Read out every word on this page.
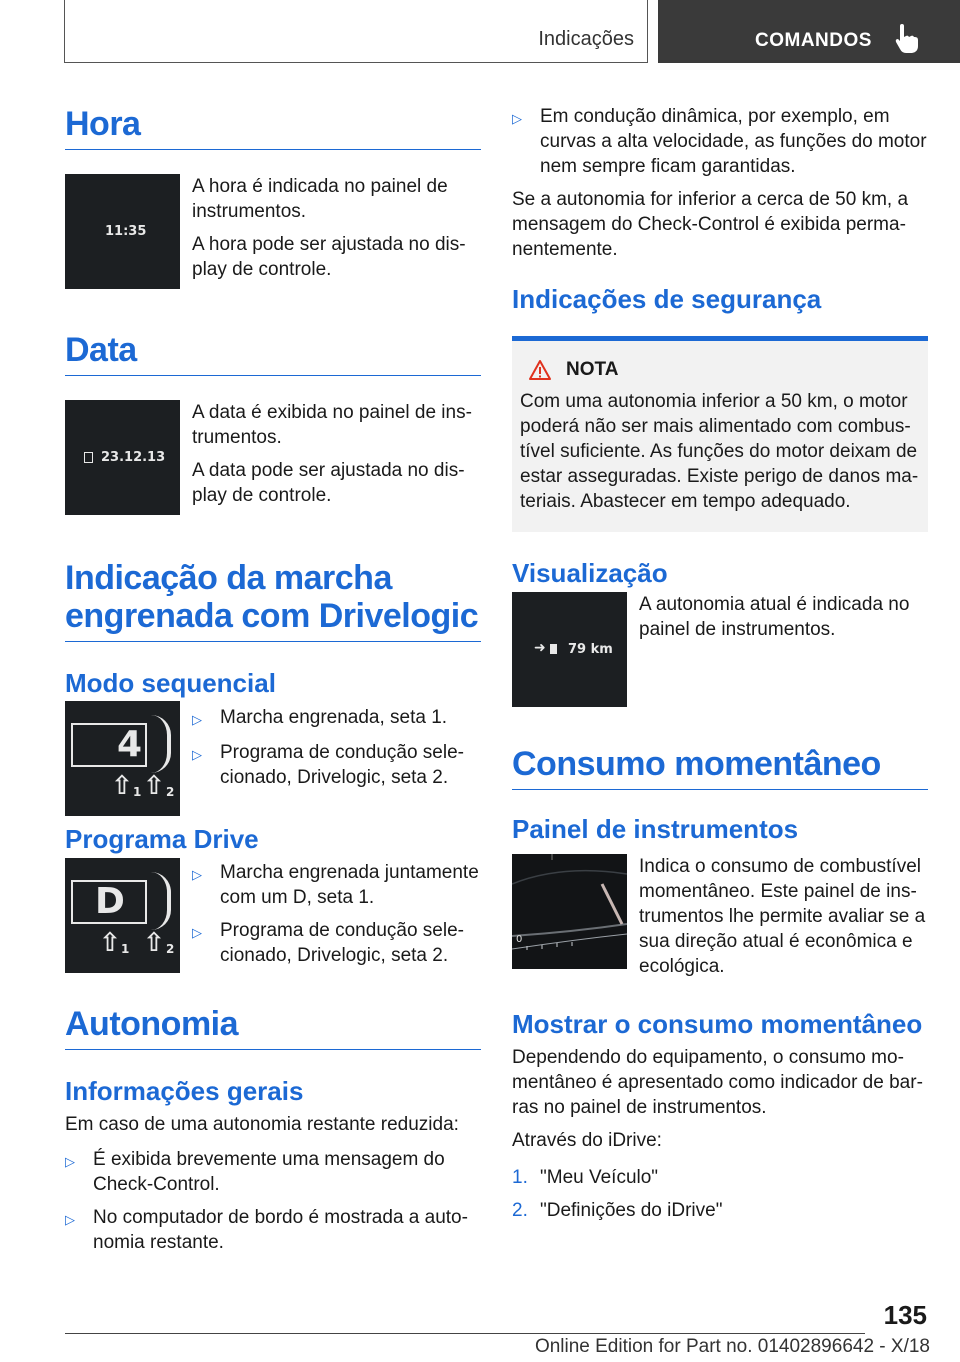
Indicações	COMANDOS
Hora
11:35

A hora é indicada no painel de instrumentos.

A hora pode ser ajustada no display de controle.

Data
23.12.13

A data é exibida no painel de instrumentos.

A data pode ser ajustada no display de controle.

Indicação da marcha engrenada com Drivelogic
Modo sequencial
4
⇧ 1 ⇧ 2
▷ Marcha engrenada, seta 1.
▷ Programa de condução selecionado, Drivelogic, seta 2.
Programa Drive
D
⇧ 1 ⇧ 2
▷ Marcha engrenada juntamente com um D, seta 1.
▷ Programa de condução selecionado, Drivelogic, seta 2.
Autonomia
Informações gerais

Em caso de uma autonomia restante reduzida:

▷ É exibida brevemente uma mensagem do Check-Control.
▷ No computador de bordo é mostrada a autonomia restante.
▷ Em condução dinâmica, por exemplo, em curvas a alta velocidade, as funções do motor nem sempre ficam garantidas.

Se a autonomia for inferior a cerca de 50 km, a mensagem do Check-Control é exibida permanentemente.

Indicações de segurança
NOTA

Com uma autonomia inferior a 50 km, o motor poderá não ser mais alimentado com combustível suficiente. As funções do motor deixam de estar asseguradas. Existe perigo de danos materiais. Abastecer em tempo adequado.

Visualização
➜ 79 km

A autonomia atual é indicada no painel de instrumentos.

Consumo momentâneo
Painel de instrumentos
0

Indica o consumo de combustível momentâneo. Este painel de instrumentos lhe permite avaliar se a sua direção atual é econômica e ecológica.

Mostrar o consumo momentâneo

Dependendo do equipamento, o consumo momentâneo é apresentado como indicador de barras no painel de instrumentos.

Através do iDrive:

1. "Meu Veículo"
2. "Definições do iDrive"
135
Online Edition for Part no. 01402896642 - X/18
